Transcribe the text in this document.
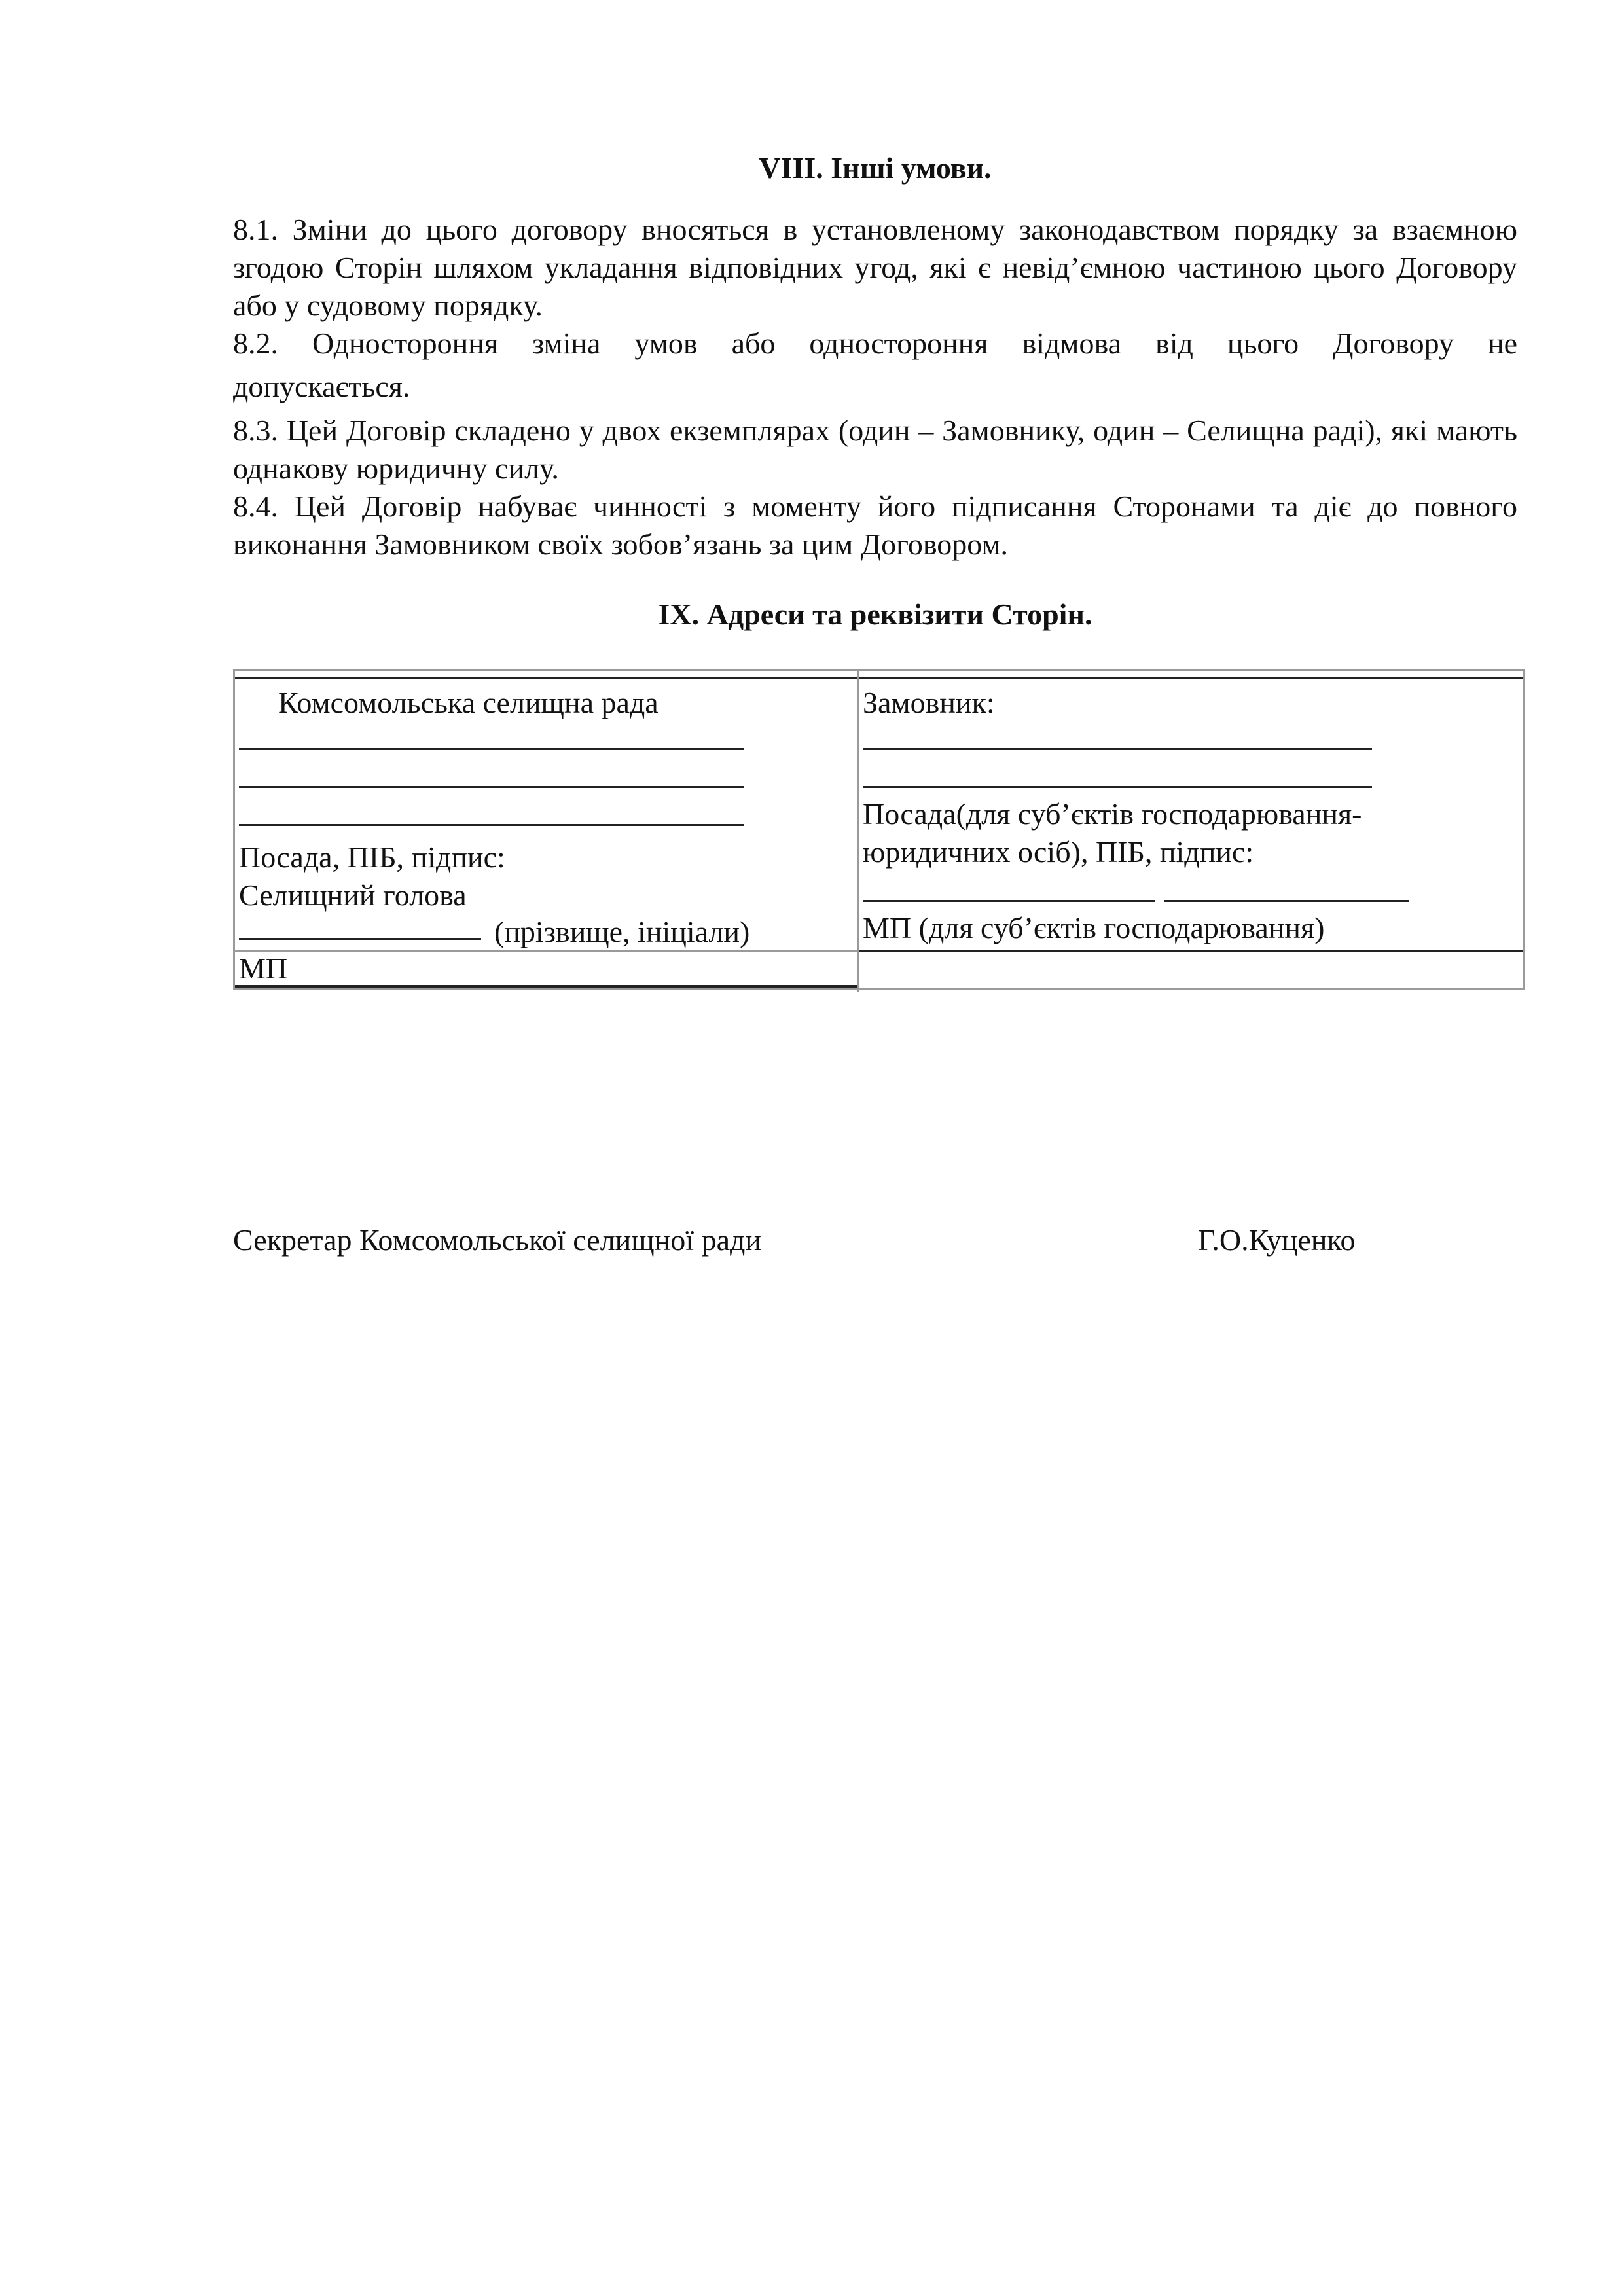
VIII. Інші умови.

8.1. Зміни до цього договору вносяться в установленому законодавством порядку за взаємною згодою Сторін шляхом укладання відповідних угод, які є невід’ємною частиною цього Договору або у судовому порядку.

8.2. Одностороння зміна умов або одностороння відмова від цього Договору не

допускається.

8.3. Цей Договір складено у двох екземплярах (один – Замовнику, один – Селищна раді), які мають однакову юридичну силу.

8.4. Цей Договір набуває чинності з моменту його підписання Сторонами та діє до повного виконання Замовником своїх зобов’язань за цим Договором.

IX. Адреси та реквізити Сторін.
Комсомольська селищна рада
Посада, ПІБ, підпис:
Селищний голова
(прізвище, ініціали)
МП
Замовник:
Посада(для суб’єктів господарювання-
юридичних осіб), ПІБ, підпис:
МП (для суб’єктів господарювання)
Секретар Комсомольської селищної ради	Г.О.Куценко
